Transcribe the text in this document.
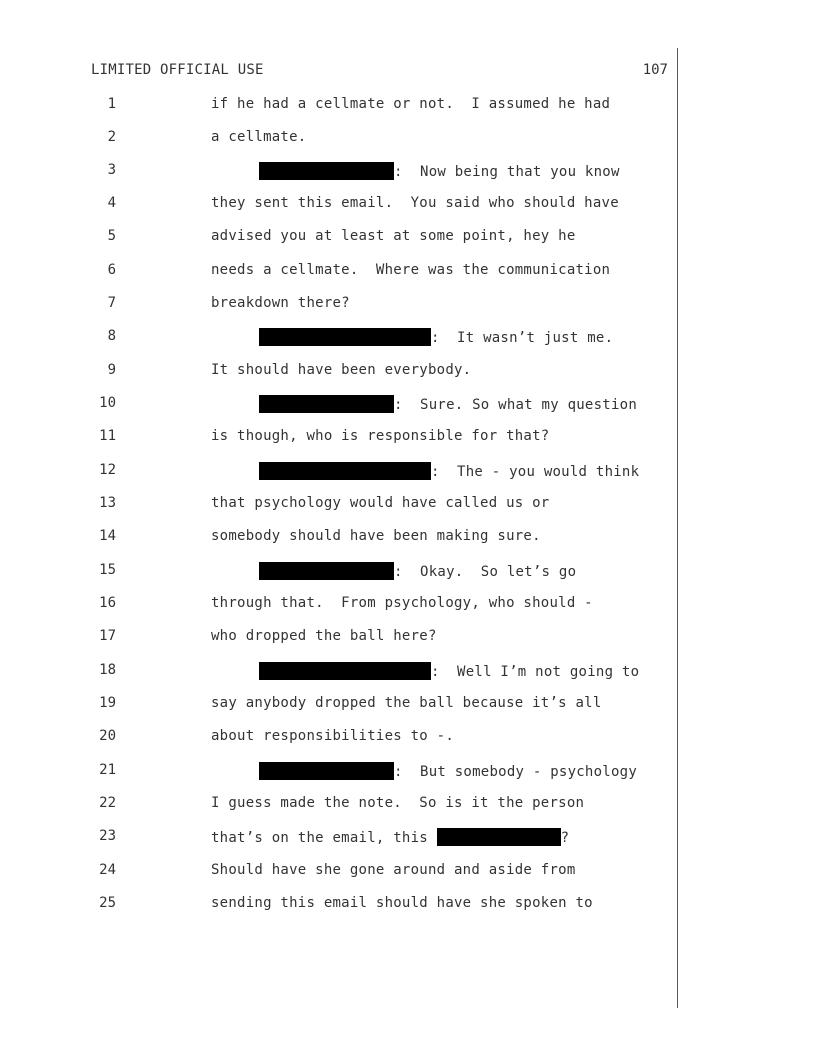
LIMITED OFFICIAL USE	107
1	if he had a cellmate or not.  I assumed he had
2	a cellmate.
3	:  Now being that you know
4	they sent this email.  You said who should have
5	advised you at least at some point, hey he
6	needs a cellmate.  Where was the communication
7	breakdown there?
8	:  It wasn’t just me.
9	It should have been everybody.
10	:  Sure. So what my question
11	is though, who is responsible for that?
12	:  The - you would think
13	that psychology would have called us or
14	somebody should have been making sure.
15	:  Okay.  So let’s go
16	through that.  From psychology, who should -
17	who dropped the ball here?
18	:  Well I’m not going to
19	say anybody dropped the ball because it’s all
20	about responsibilities to -.
21	:  But somebody - psychology
22	I guess made the note.  So is it the person
23	that’s on the email, this	?
24	Should have she gone around and aside from
25	sending this email should have she spoken to
